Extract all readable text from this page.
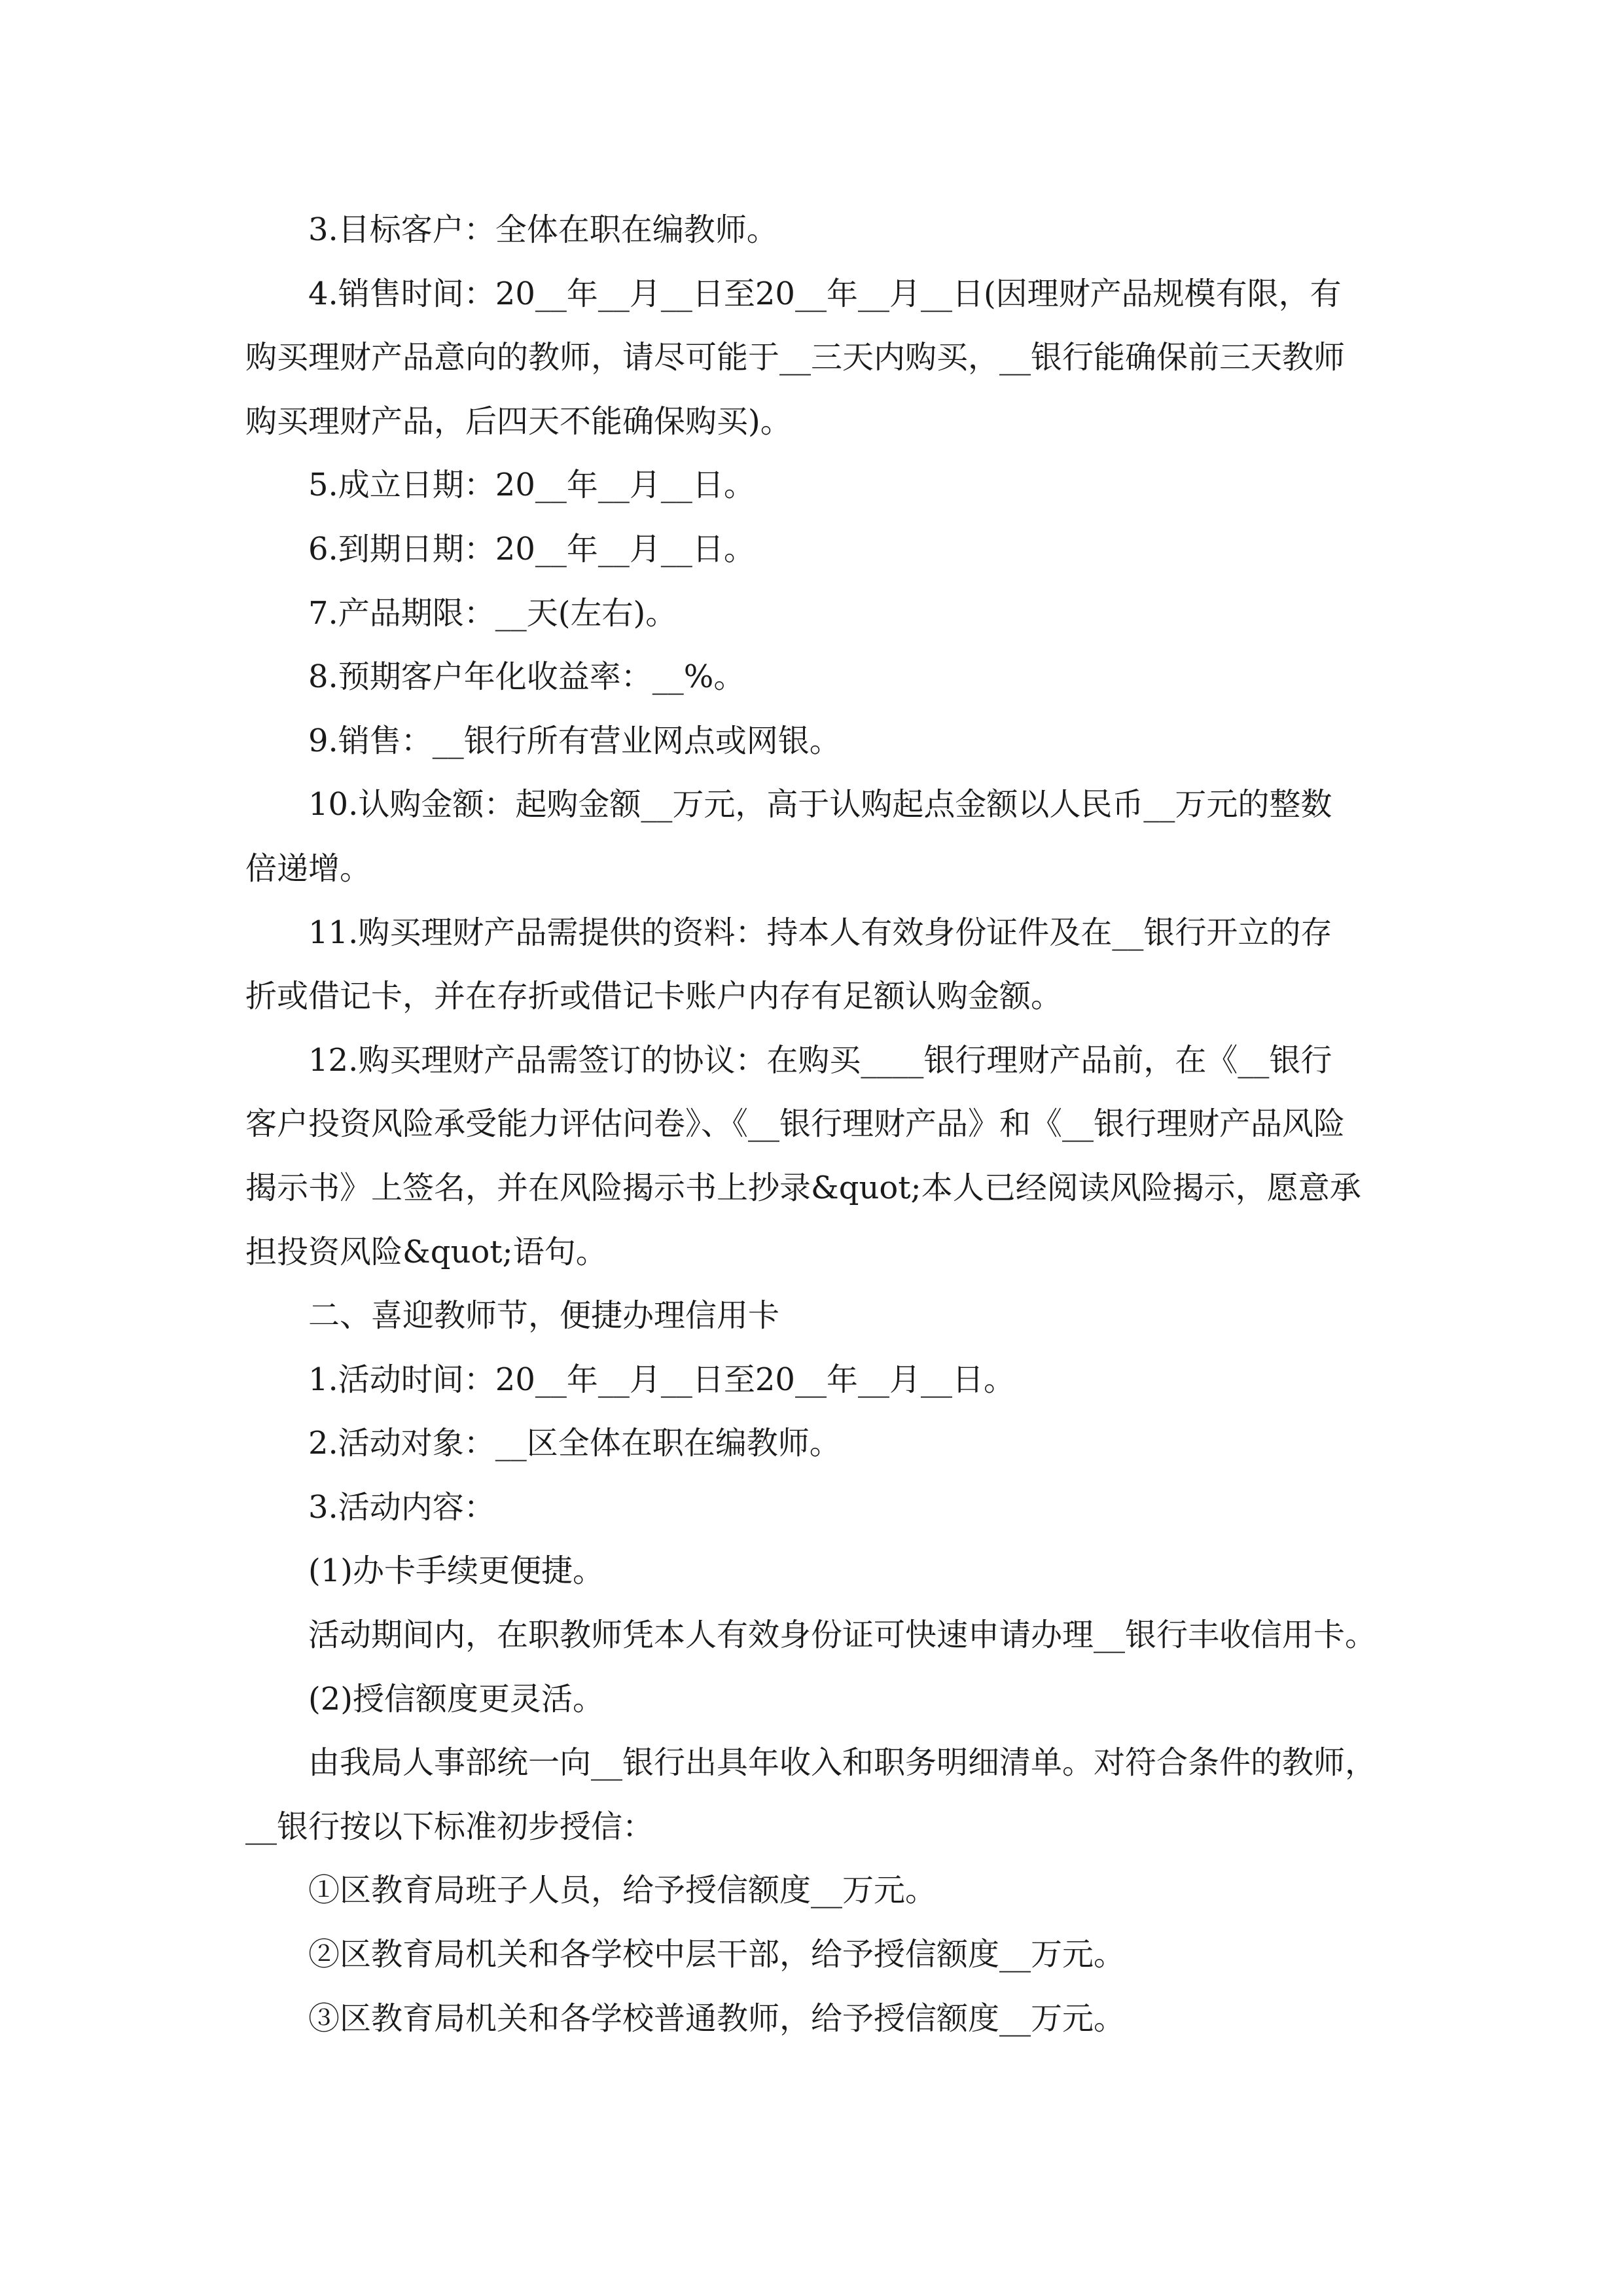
3.目标客户：全体在职在编教师。
4.销售时间：20__年__月__日至20__年__月__日(因理财产品规模有限，有
购买理财产品意向的教师，请尽可能于__三天内购买，__银行能确保前三天教师
购买理财产品，后四天不能确保购买)。
5.成立日期：20__年__月__日。
6.到期日期：20__年__月__日。
7.产品期限：__天(左右)。
8.预期客户年化收益率：__%。
9.销售：__银行所有营业网点或网银。
10.认购金额：起购金额__万元，高于认购起点金额以人民币__万元的整数
倍递增。
11.购买理财产品需提供的资料：持本人有效身份证件及在__银行开立的存
折或借记卡，并在存折或借记卡账户内存有足额认购金额。
12.购买理财产品需签订的协议：在购买____银行理财产品前，在《__银行
客户投资风险承受能力评估问卷》、《__银行理财产品》和《__银行理财产品风险
揭示书》上签名，并在风险揭示书上抄录&quot;本人已经阅读风险揭示，愿意承
担投资风险&quot;语句。
二、喜迎教师节，便捷办理信用卡
1.活动时间：20__年__月__日至20__年__月__日。
2.活动对象：__区全体在职在编教师。
3.活动内容：
(1)办卡手续更便捷。
活动期间内，在职教师凭本人有效身份证可快速申请办理__银行丰收信用卡。
(2)授信额度更灵活。
由我局人事部统一向__银行出具年收入和职务明细清单。对符合条件的教师，
__银行按以下标准初步授信：
①区教育局班子人员，给予授信额度__万元。
②区教育局机关和各学校中层干部，给予授信额度__万元。
③区教育局机关和各学校普通教师，给予授信额度__万元。
